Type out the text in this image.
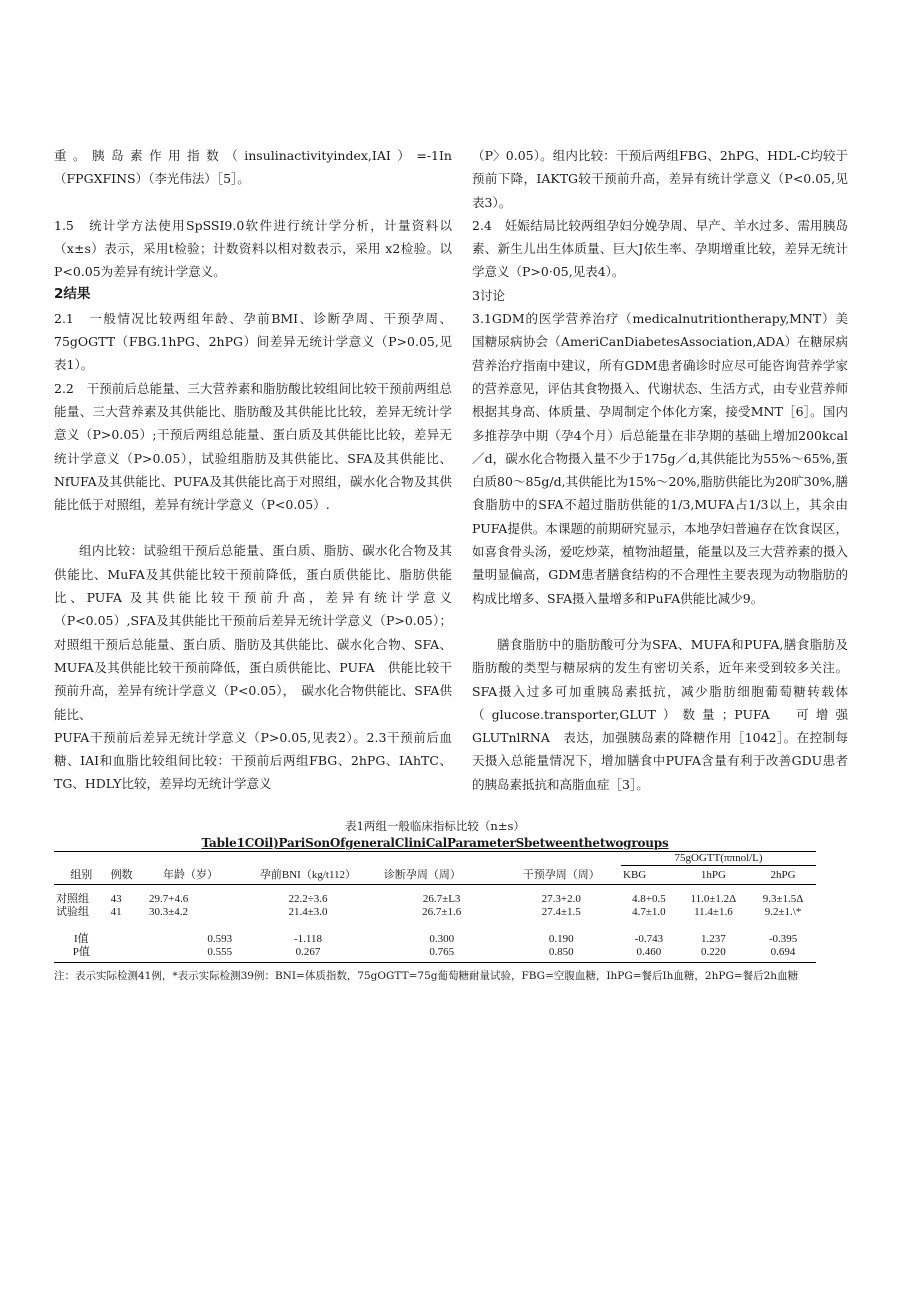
重。胰岛素作用指数（insulinactivityindex,IAI）=-1In（FPGXFINS）（李光伟法）［5］。

1.5　统计学方法使用SpSSI9.0软件进行统计学分析，计量资料以（x±s）表示，采用t检验；计数资料以相对数表示，采用 x2检验。以P<0.05为差异有统计学意义。

2结果

2.1　一般情况比较两组年龄、孕前BMI、诊断孕周、干预孕周、75gOGTT（FBG.1hPG、2hPG）间差异无统计学意义（P>0.05,见表1）。

2.2　干预前后总能量、三大营养素和脂肪酸比较组间比较干预前两组总能量、三大营养素及其供能比、脂肪酸及其供能比比较，差异无统计学意义（P>0.05）;干预后两组总能量、蛋白质及其供能比比较，差异无统计学意义（P>0.05），试验组脂肪及其供能比、SFA及其供能比、NfUFA及其供能比、PUFA及其供能比高于对照组，碳水化合物及其供能比低于对照组，差异有统计学意义（P<0.05）.

组内比较：试验组干预后总能量、蛋白质、脂肪、碳水化合物及其供能比、MuFA及其供能比较干预前降低，蛋白质供能比、脂肪供能比、PUFA 及其供能比较干预前升高，差异有统计学意义（P<0.05）,SFA及其供能比干预前后差异无统计学意义（P>0.05）；对照组干预后总能量、蛋白质、脂肪及其供能比、碳水化合物、SFA、MUFA及其供能比较干预前降低，蛋白质供能比、PUFA　供能比较干预前升高，差异有统计学意义（P<0.05），　碳水化合物供能比、SFA供能比、

PUFA干预前后差异无统计学意义（P>0.05,见表2）。2.3干预前后血糖、IAI和血脂比较组间比较：干预前后两组FBG、2hPG、IAhTC、TG、HDLY比较，差异均无统计学意义

（P〉0.05）。组内比较：干预后两组FBG、2hPG、HDL-C均较于预前下降，IAKTG较干预前升高，差异有统计学意义（P<0.05,见表3）。

2.4　妊娠结局比较两组孕妇分娩孕周、早产、羊水过多、需用胰岛素、新生儿出生体质量、巨大J依生率、孕期增重比较，差异无统计学意义（P>0·05,见表4）。

3讨论

3.1GDM的医学营养治疗（medicalnutritiontherapy,MNT）美国糖尿病协会（AmeriCanDiabetesAssociation,ADA）在糖尿病营养治疗指南中建议，所有GDM患者确诊时应尽可能咨询营养学家的营养意见，评估其食物摄入、代谢状态、生活方式，由专业营养师根据其身高、体质量、孕周制定个体化方案，接受MNT［6］。国内多推荐孕中期（孕4个月）后总能量在非孕期的基础上增加200kcal／d，碳水化合物摄入量不少于175g／d,其供能比为55%～65%,蛋白质80～85g/d,其供能比为15%～20%,脂肪供能比为20旷30%,膳食脂肪中的SFA不超过脂肪供能的1/3,MUFA占1/3以上，其余由PUFA提供。本课题的前期研究显示，本地孕妇普遍存在饮食误区，如喜食骨头汤，爱吃炒菜，植物油超量，能量以及三大营养素的摄入量明显偏高，GDM患者膳食结构的不合理性主要表现为动物脂肪的构成比增多、SFA摄入量增多和PuFA供能比减少9。

膳食脂肪中的脂肪酸可分为SFA、MUFA和PUFA,膳食脂肪及脂肪酸的类型与糖尿病的发生有密切关系，近年来受到较多关注。SFA摄入过多可加重胰岛素抵抗，减少脂肪细胞葡萄糖转载体（glucose.transporter,GLUT）数量；PUFA　可增强GLUTnlRNA　表达，加强胰岛素的降糖作用［1042］。在控制每天摄入总能量情况下，增加膳食中PUFA含量有利于改善GDU患者的胰岛素抵抗和高脂血症［3］。

表1两组一般临床指标比较（n±s）
Table1COil)PariSonOfgeneralCliniCalParameterSbetweenthetwogroups
						75gOGTT(ππnol/L)		
组别	例数	年龄（岁）	孕前BNI（kg/t112）	诊断孕周（周）	干预孕周（周）	KBG	1hPG	2hPG

对照组	43	29.7+4.6	22.2÷3.6	26.7±L3	27.3+2.0	4.8+0.5	11.0±1.2Δ	9.3±1.5Δ
试验组	41	30.3±4.2	21.4±3.0	26.7±1.6	27.4±1.5	4.7±1.0	11.4±1.6	9.2±1.\*

I值		0.593	-1.118	0.300	0.190	-0.743	1.237	-0.395
P值		0.555	0.267	0.765	0.850	0.460	0.220	0.694
注：表示实际检测41例，*表示实际检测39例：BNI=体质指数，75gOGTT=75g葡萄糖耐量试验，FBG=空腹血糖，IhPG=餐后Ih血糖，2hPG=餐后2h血糖
